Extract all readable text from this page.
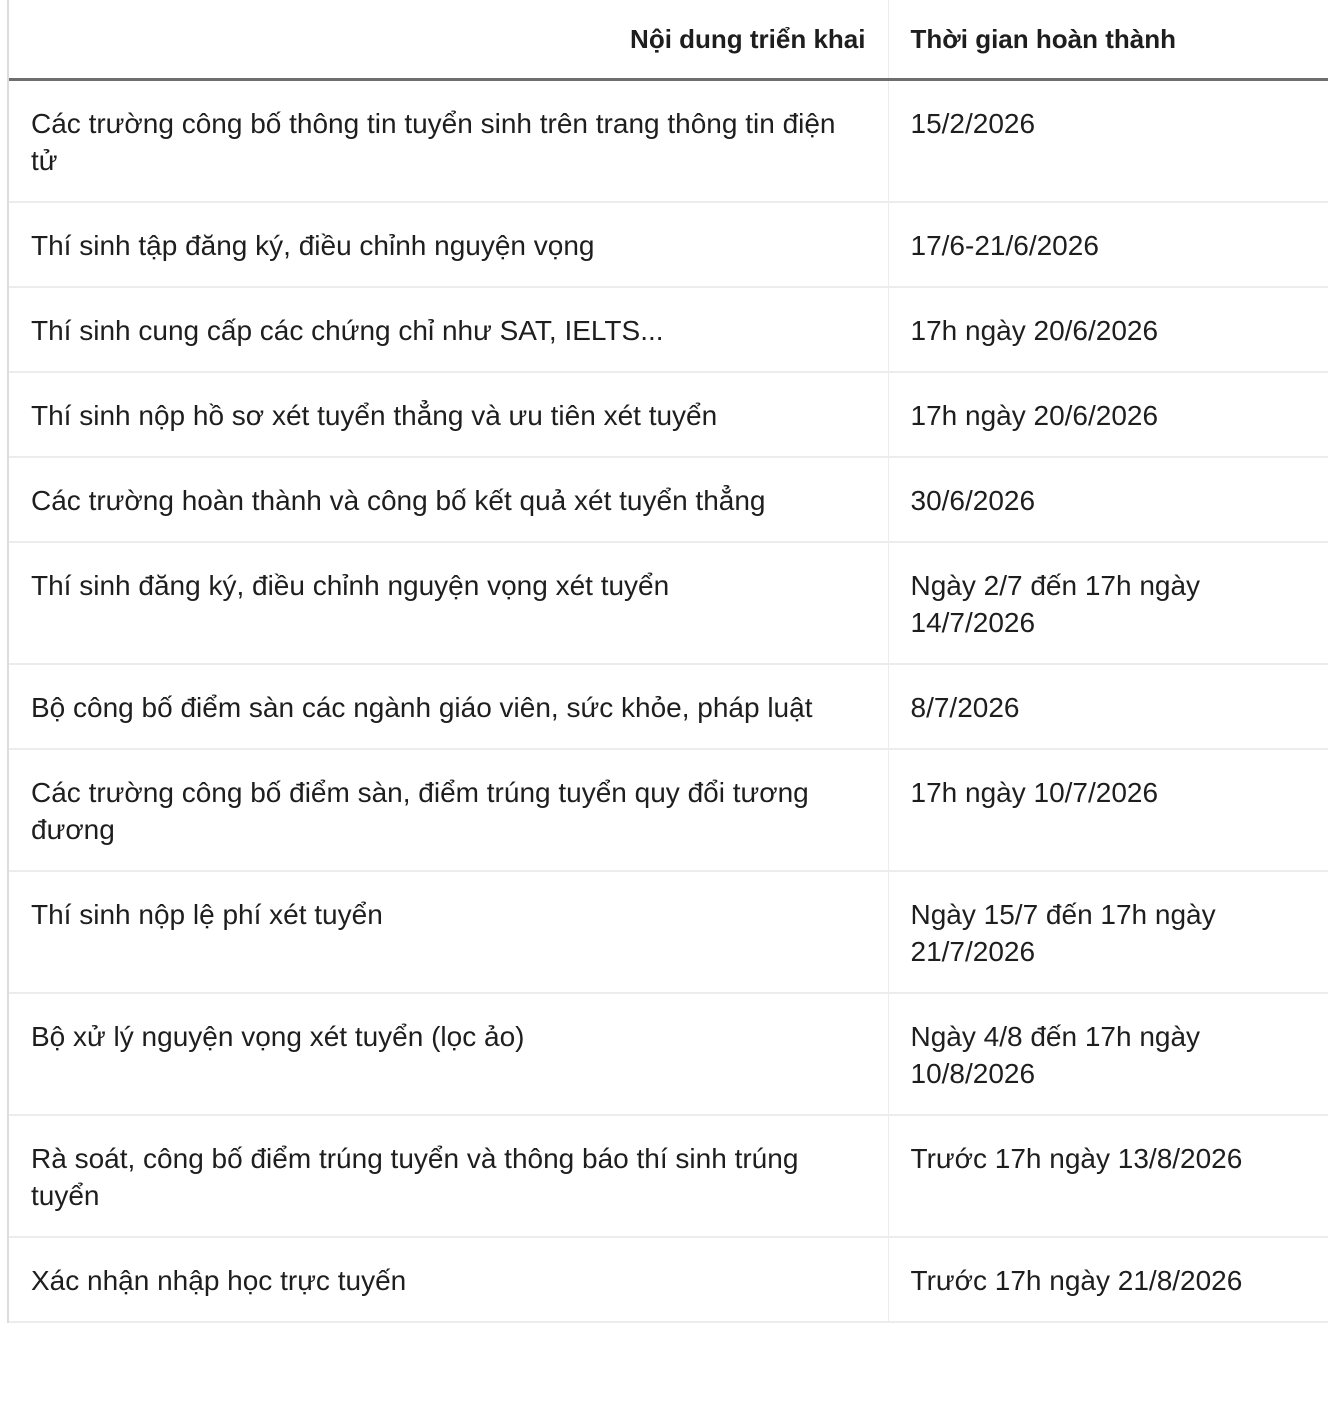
Nội dung triển khai	Thời gian hoàn thành
Các trường công bố thông tin tuyển sinh trên trang thông tin điện tử	15/2/2026
Thí sinh tập đăng ký, điều chỉnh nguyện vọng	17/6-21/6/2026
Thí sinh cung cấp các chứng chỉ như SAT, IELTS...	17h ngày 20/6/2026
Thí sinh nộp hồ sơ xét tuyển thẳng và ưu tiên xét tuyển	17h ngày 20/6/2026
Các trường hoàn thành và công bố kết quả xét tuyển thẳng	30/6/2026
Thí sinh đăng ký, điều chỉnh nguyện vọng xét tuyển	Ngày 2/7 đến 17h ngày 14/7/2026
Bộ công bố điểm sàn các ngành giáo viên, sức khỏe, pháp luật	8/7/2026
Các trường công bố điểm sàn, điểm trúng tuyển quy đổi tương đương	17h ngày 10/7/2026
Thí sinh nộp lệ phí xét tuyển	Ngày 15/7 đến 17h ngày 21/7/2026
Bộ xử lý nguyện vọng xét tuyển (lọc ảo)	Ngày 4/8 đến 17h ngày 10/8/2026
Rà soát, công bố điểm trúng tuyển và thông báo thí sinh trúng tuyển	Trước 17h ngày 13/8/2026
Xác nhận nhập học trực tuyến	Trước 17h ngày 21/8/2026
